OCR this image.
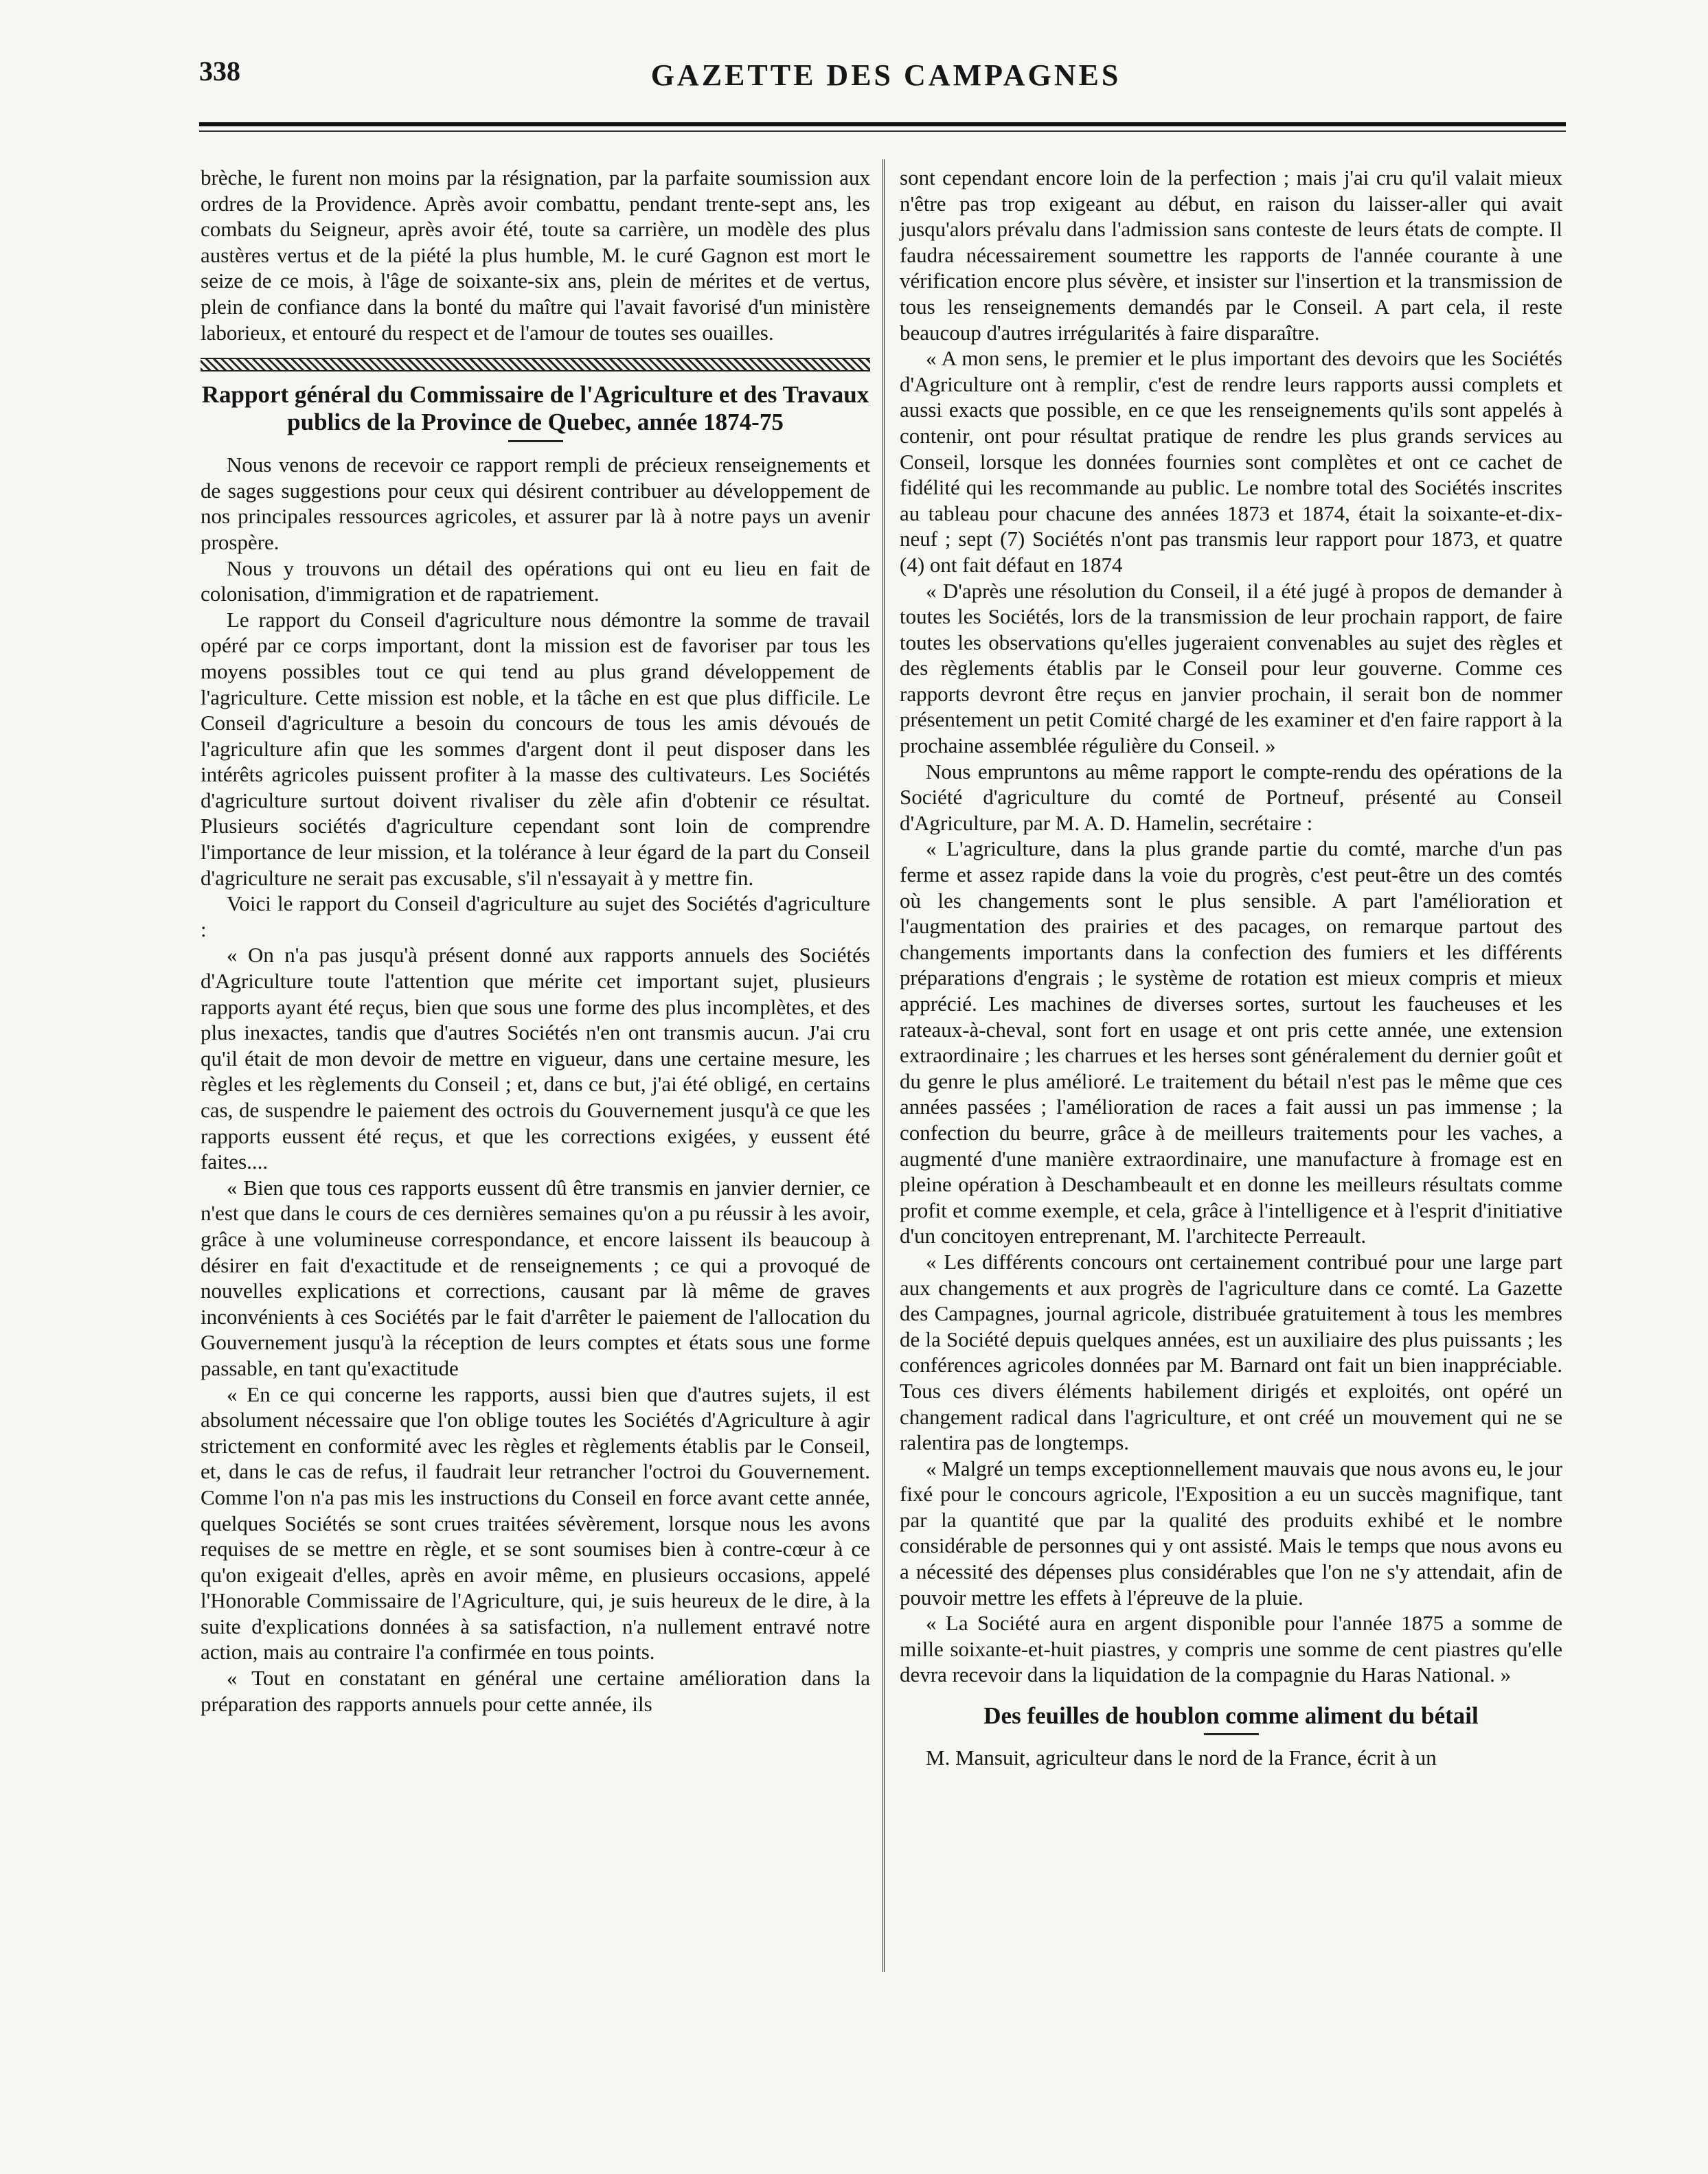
338	GAZETTE DES CAMPAGNES

brèche, le furent non moins par la résignation, par la parfaite soumission aux ordres de la Providence. Après avoir combattu, pendant trente-sept ans, les combats du Seigneur, après avoir été, toute sa carrière, un modèle des plus austères vertus et de la piété la plus humble, M. le curé Gagnon est mort le seize de ce mois, à l'âge de soixante-six ans, plein de mérites et de vertus, plein de confiance dans la bonté du maître qui l'avait favorisé d'un ministère laborieux, et entouré du respect et de l'amour de toutes ses ouailles.

Rapport général du Commissaire de l'Agriculture et des Travaux publics de la Province de Quebec, année 1874-75

Nous venons de recevoir ce rapport rempli de précieux renseignements et de sages suggestions pour ceux qui désirent contribuer au développement de nos principales ressources agricoles, et assurer par là à notre pays un avenir prospère.

Nous y trouvons un détail des opérations qui ont eu lieu en fait de colonisation, d'immigration et de rapatriement.

Le rapport du Conseil d'agriculture nous démontre la somme de travail opéré par ce corps important, dont la mission est de favoriser par tous les moyens possibles tout ce qui tend au plus grand développement de l'agriculture. Cette mission est noble, et la tâche en est que plus difficile. Le Conseil d'agriculture a besoin du concours de tous les amis dévoués de l'agriculture afin que les sommes d'argent dont il peut disposer dans les intérêts agricoles puissent profiter à la masse des cultivateurs. Les Sociétés d'agriculture surtout doivent rivaliser du zèle afin d'obtenir ce résultat. Plusieurs sociétés d'agriculture cependant sont loin de comprendre l'importance de leur mission, et la tolérance à leur égard de la part du Conseil d'agriculture ne serait pas excusable, s'il n'essayait à y mettre fin.

Voici le rapport du Conseil d'agriculture au sujet des Sociétés d'agriculture :

« On n'a pas jusqu'à présent donné aux rapports annuels des Sociétés d'Agriculture toute l'attention que mérite cet important sujet, plusieurs rapports ayant été reçus, bien que sous une forme des plus incomplètes, et des plus inexactes, tandis que d'autres Sociétés n'en ont transmis aucun. J'ai cru qu'il était de mon devoir de mettre en vigueur, dans une certaine mesure, les règles et les règlements du Conseil ; et, dans ce but, j'ai été obligé, en certains cas, de suspendre le paiement des octrois du Gouvernement jusqu'à ce que les rapports eussent été reçus, et que les corrections exigées, y eussent été faites....

« Bien que tous ces rapports eussent dû être transmis en janvier dernier, ce n'est que dans le cours de ces dernières semaines qu'on a pu réussir à les avoir, grâce à une volumineuse correspondance, et encore laissent ils beaucoup à désirer en fait d'exactitude et de renseignements ; ce qui a provoqué de nouvelles explications et corrections, causant par là même de graves inconvénients à ces Sociétés par le fait d'arrêter le paiement de l'allocation du Gouvernement jusqu'à la réception de leurs comptes et états sous une forme passable, en tant qu'exactitude

« En ce qui concerne les rapports, aussi bien que d'autres sujets, il est absolument nécessaire que l'on oblige toutes les Sociétés d'Agriculture à agir strictement en conformité avec les règles et règlements établis par le Conseil, et, dans le cas de refus, il faudrait leur retrancher l'octroi du Gouvernement. Comme l'on n'a pas mis les instructions du Conseil en force avant cette année, quelques Sociétés se sont crues traitées sévèrement, lorsque nous les avons requises de se mettre en règle, et se sont soumises bien à contre-cœur à ce qu'on exigeait d'elles, après en avoir même, en plusieurs occasions, appelé l'Honorable Commissaire de l'Agriculture, qui, je suis heureux de le dire, à la suite d'explications données à sa satisfaction, n'a nullement entravé notre action, mais au contraire l'a confirmée en tous points.

« Tout en constatant en général une certaine amélioration dans la préparation des rapports annuels pour cette année, ils

sont cependant encore loin de la perfection ; mais j'ai cru qu'il valait mieux n'être pas trop exigeant au début, en raison du laisser-aller qui avait jusqu'alors prévalu dans l'admission sans conteste de leurs états de compte. Il faudra nécessairement soumettre les rapports de l'année courante à une vérification encore plus sévère, et insister sur l'insertion et la transmission de tous les renseignements demandés par le Conseil. A part cela, il reste beaucoup d'autres irrégularités à faire disparaître.

« A mon sens, le premier et le plus important des devoirs que les Sociétés d'Agriculture ont à remplir, c'est de rendre leurs rapports aussi complets et aussi exacts que possible, en ce que les renseignements qu'ils sont appelés à contenir, ont pour résultat pratique de rendre les plus grands services au Conseil, lorsque les données fournies sont complètes et ont ce cachet de fidélité qui les recommande au public. Le nombre total des Sociétés inscrites au tableau pour chacune des années 1873 et 1874, était la soixante-et-dix-neuf ; sept (7) Sociétés n'ont pas transmis leur rapport pour 1873, et quatre (4) ont fait défaut en 1874

« D'après une résolution du Conseil, il a été jugé à propos de demander à toutes les Sociétés, lors de la transmission de leur prochain rapport, de faire toutes les observations qu'elles jugeraient convenables au sujet des règles et des règlements établis par le Conseil pour leur gouverne. Comme ces rapports devront être reçus en janvier prochain, il serait bon de nommer présentement un petit Comité chargé de les examiner et d'en faire rapport à la prochaine assemblée régulière du Conseil. »

Nous empruntons au même rapport le compte-rendu des opérations de la Société d'agriculture du comté de Portneuf, présenté au Conseil d'Agriculture, par M. A. D. Hamelin, secrétaire :

« L'agriculture, dans la plus grande partie du comté, marche d'un pas ferme et assez rapide dans la voie du progrès, c'est peut-être un des comtés où les changements sont le plus sensible. A part l'amélioration et l'augmentation des prairies et des pacages, on remarque partout des changements importants dans la confection des fumiers et les différents préparations d'engrais ; le système de rotation est mieux compris et mieux apprécié. Les machines de diverses sortes, surtout les faucheuses et les rateaux-à-cheval, sont fort en usage et ont pris cette année, une extension extraordinaire ; les charrues et les herses sont généralement du dernier goût et du genre le plus amélioré. Le traitement du bétail n'est pas le même que ces années passées ; l'amélioration de races a fait aussi un pas immense ; la confection du beurre, grâce à de meilleurs traitements pour les vaches, a augmenté d'une manière extraordinaire, une manufacture à fromage est en pleine opération à Deschambeault et en donne les meilleurs résultats comme profit et comme exemple, et cela, grâce à l'intelligence et à l'esprit d'initiative d'un concitoyen entreprenant, M. l'architecte Perreault.

« Les différents concours ont certainement contribué pour une large part aux changements et aux progrès de l'agriculture dans ce comté. La Gazette des Campagnes, journal agricole, distribuée gratuitement à tous les membres de la Société depuis quelques années, est un auxiliaire des plus puissants ; les conférences agricoles données par M. Barnard ont fait un bien inappréciable. Tous ces divers éléments habilement dirigés et exploités, ont opéré un changement radical dans l'agriculture, et ont créé un mouvement qui ne se ralentira pas de longtemps.

« Malgré un temps exceptionnellement mauvais que nous avons eu, le jour fixé pour le concours agricole, l'Exposition a eu un succès magnifique, tant par la quantité que par la qualité des produits exhibé et le nombre considérable de personnes qui y ont assisté. Mais le temps que nous avons eu a nécessité des dépenses plus considérables que l'on ne s'y attendait, afin de pouvoir mettre les effets à l'épreuve de la pluie.

« La Société aura en argent disponible pour l'année 1875 a somme de mille soixante-et-huit piastres, y compris une somme de cent piastres qu'elle devra recevoir dans la liquidation de la compagnie du Haras National. »

Des feuilles de houblon comme aliment du bétail

M. Mansuit, agriculteur dans le nord de la France, écrit à un
